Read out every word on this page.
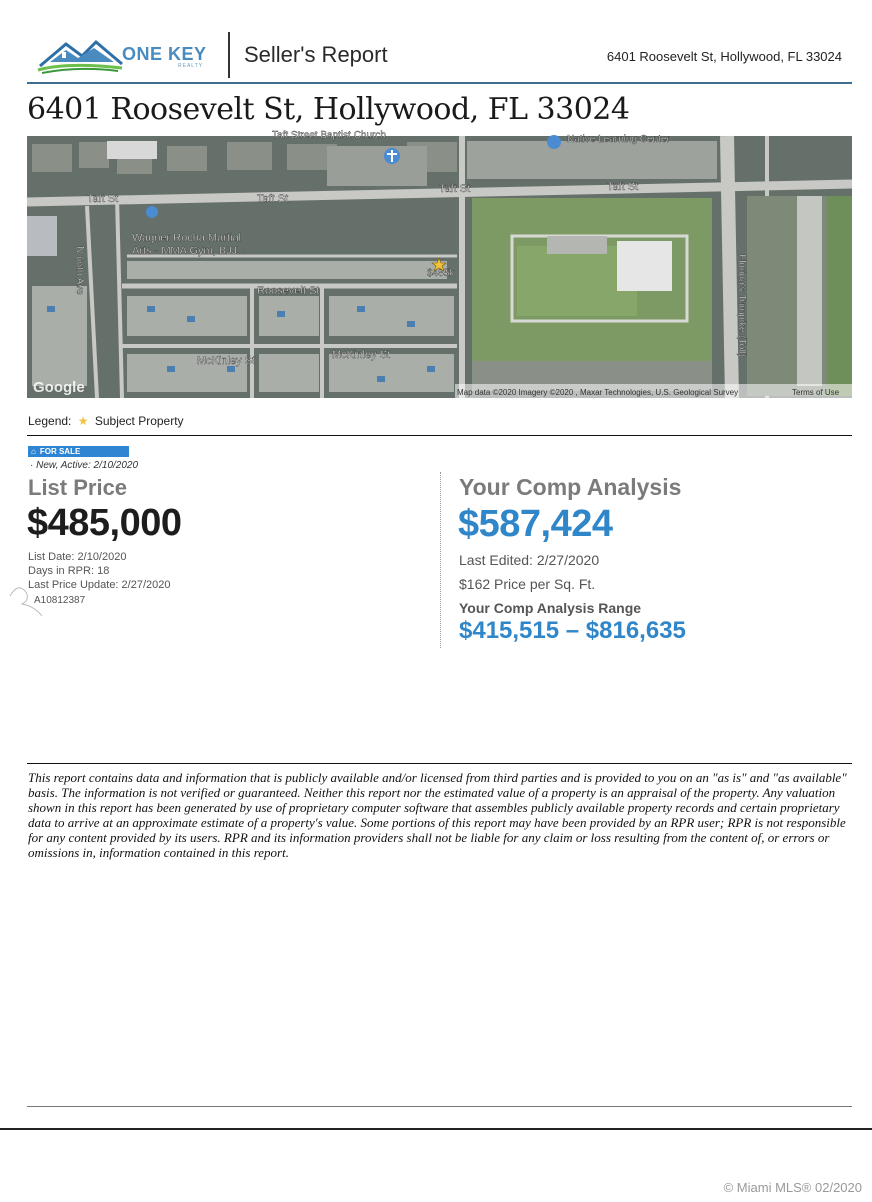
ONE KEY
REALTY Seller's Report	6401 Roosevelt St, Hollywood, FL 33024
6401 Roosevelt St, Hollywood, FL 33024
Taft St	Taft St
Taft St	Taft St
Roosevelt St
McKinley St	McKinley St
Wagner Rocha Martial
Arts - MMA Gym, BJJ...
$485k
Taft Street Baptist Church	Native Learning Center
N 66th Ave	Florida's Turnpike (Toll)
Google	Map data ©2020 Imagery ©2020 , Maxar Technologies, U.S. Geological Survey	Terms of Use
Legend: ★ Subject Property
⌂ FOR SALE
· New, Active: 2/10/2020
List Price
$485,000
List Date: 2/10/2020
Days in RPR: 18
Last Price Update: 2/27/2020
A10812387
Your Comp Analysis
$587,424
Last Edited: 2/27/2020
$162 Price per Sq. Ft.
Your Comp Analysis Range
$415,515 – $816,635
This report contains data and information that is publicly available and/or licensed from third parties and is provided to you on an "as is" and "as available" basis. The information is not verified or guaranteed. Neither this report nor the estimated value of a property is an appraisal of the property. Any valuation shown in this report has been generated by use of proprietary computer software that assembles publicly available property records and certain proprietary data to arrive at an approximate estimate of a property's value. Some portions of this report may have been provided by an RPR user; RPR is not responsible for any content provided by its users. RPR and its information providers shall not be liable for any claim or loss resulting from the content of, or errors or omissions in, information contained in this report.
© Miami MLS® 02/2020
